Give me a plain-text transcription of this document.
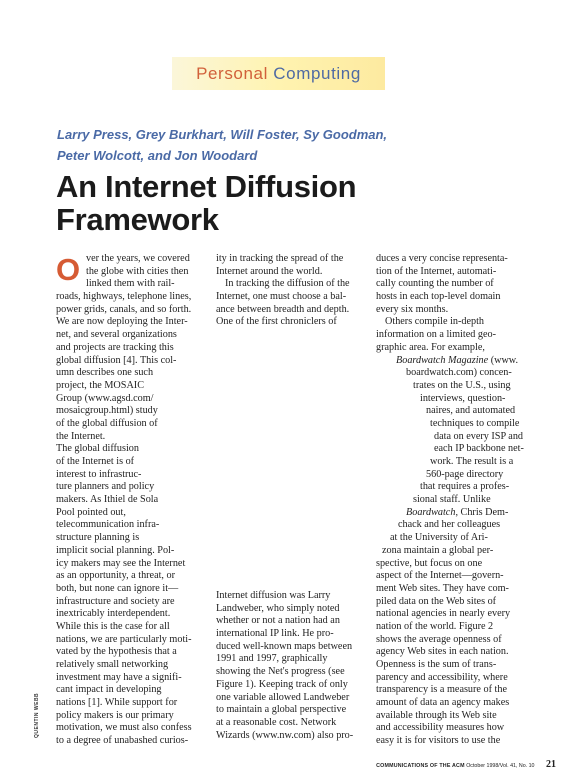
Personal Computing
Larry Press, Grey Burkhart, Will Foster, Sy Goodman,
Peter Wolcott, and Jon Woodard
An Internet Diffusion
Framework
O ver the years, we covered
the globe with cities then
linked them with rail-
roads, highways, telephone lines,
power grids, canals, and so forth.
We are now deploying the Inter-
net, and several organizations
and projects are tracking this
global diffusion [4]. This col-
umn describes one such
project, the MOSAIC
Group (www.agsd.com/
mosaicgroup.html) study
of the global diffusion of
the Internet.
The global diffusion
of the Internet is of
interest to infrastruc-
ture planners and policy
makers. As Ithiel de Sola
Pool pointed out,
telecommunication infra-
structure planning is
implicit social planning. Pol-
icy makers may see the Internet
as an opportunity, a threat, or
both, but none can ignore it—
infrastructure and society are
inextricably interdependent.
While this is the case for all
nations, we are particularly moti-
vated by the hypothesis that a
relatively small networking
investment may have a signifi-
cant impact in developing
nations [1]. While support for
policy makers is our primary
motivation, we must also confess
to a degree of unabashed curios-
ity in tracking the spread of the
Internet around the world.
In tracking the diffusion of the
Internet, one must choose a bal-
ance between breadth and depth.
One of the first chroniclers of
Internet diffusion was Larry
Landweber, who simply noted
whether or not a nation had an
international IP link. He pro-
duced well-known maps between
1991 and 1997, graphically
showing the Net's progress (see
Figure 1). Keeping track of only
one variable allowed Landweber
to maintain a global perspective
at a reasonable cost. Network
Wizards (www.nw.com) also pro-
duces a very concise representa-
tion of the Internet, automati-
cally counting the number of
hosts in each top-level domain
every six months.
Others compile in-depth
information on a limited geo-
graphic area. For example,
Boardwatch Magazine (www.
boardwatch.com) concen-
trates on the U.S., using
interviews, question-
naires, and automated
techniques to compile
data on every ISP and
each IP backbone net-
work. The result is a
560-page directory
that requires a profes-
sional staff. Unlike
Boardwatch, Chris Dem-
chack and her colleagues
at the University of Ari-
zona maintain a global per-
spective, but focus on one
aspect of the Internet—govern-
ment Web sites. They have com-
piled data on the Web sites of
national agencies in nearly every
nation of the world. Figure 2
shows the average openness of
agency Web sites in each nation.
Openness is the sum of trans-
parency and accessibility, where
transparency is a measure of the
amount of data an agency makes
available through its Web site
and accessibility measures how
easy it is for visitors to use the
QUENTIN WEBB
COMMUNICATIONS OF THE ACM October 1998/Vol. 41, No. 10 21
